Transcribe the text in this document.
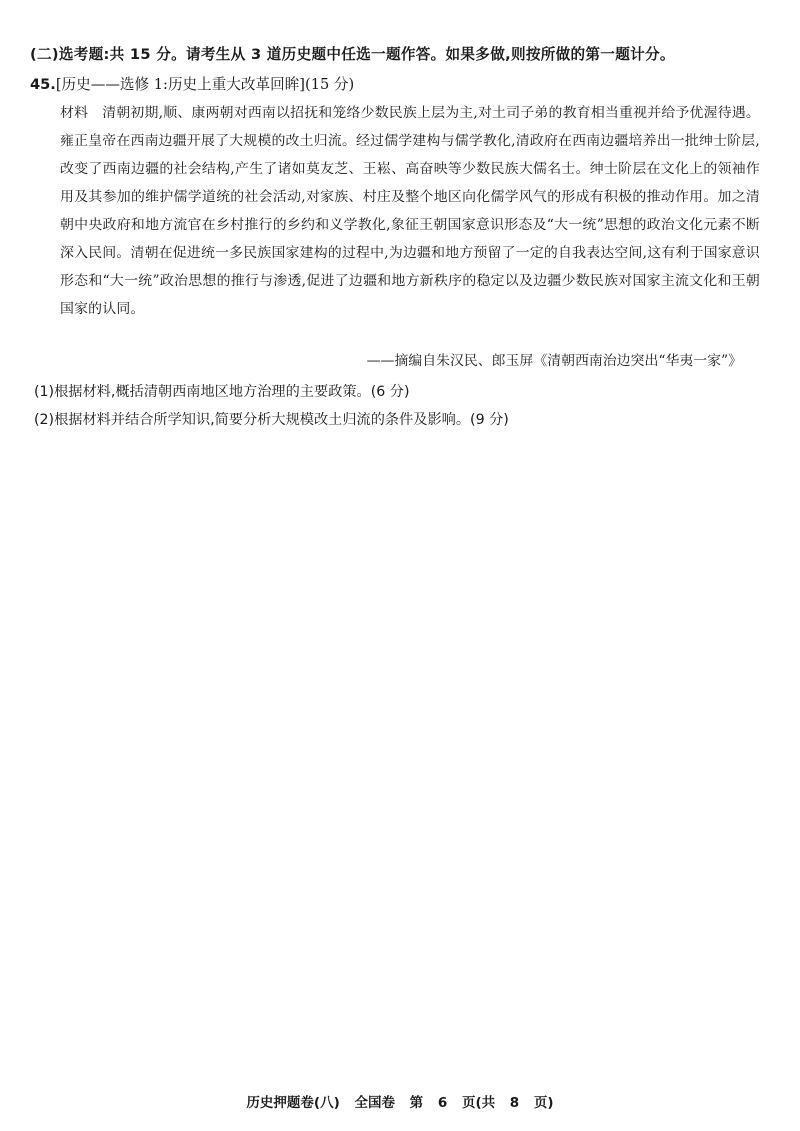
(二)选考题:共 15 分。请考生从 3 道历史题中任选一题作答。如果多做,则按所做的第一题计分。
45.[历史——选修 1:历史上重大改革回眸](15 分)
材料 清朝初期,顺、康两朝对西南以招抚和笼络少数民族上层为主,对土司子弟的教育相当重视并给予优渥待遇。雍正皇帝在西南边疆开展了大规模的改土归流。经过儒学建构与儒学教化,清政府在西南边疆培养出一批绅士阶层,改变了西南边疆的社会结构,产生了诸如莫友芝、王崧、高奋映等少数民族大儒名士。绅士阶层在文化上的领袖作用及其参加的维护儒学道统的社会活动,对家族、村庄及整个地区向化儒学风气的形成有积极的推动作用。加之清朝中央政府和地方流官在乡村推行的乡约和义学教化,象征王朝国家意识形态及“大一统”思想的政治文化元素不断深入民间。清朝在促进统一多民族国家建构的过程中,为边疆和地方预留了一定的自我表达空间,这有利于国家意识形态和“大一统”政治思想的推行与渗透,促进了边疆和地方新秩序的稳定以及边疆少数民族对国家主流文化和王朝国家的认同。
——摘编自朱汉民、郎玉屏《清朝西南治边突出“华夷一家”》
(1)根据材料,概括清朝西南地区地方治理的主要政策。(6 分)
(2)根据材料并结合所学知识,简要分析大规模改土归流的条件及影响。(9 分)
历史押题卷(八) 全国卷 第 6 页(共 8 页)
